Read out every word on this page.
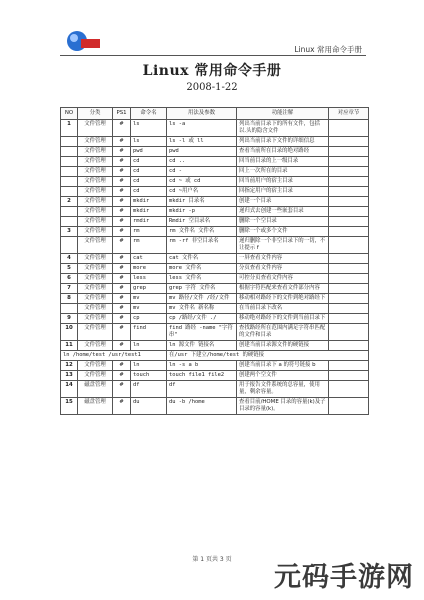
Linux 常用命令手册
Linux 常用命令手册
2008-1-22
NO	分类	PS1	命令名	用法及参数	功能注解	对应章节
1	文件管理	#	ls	ls -a	列出当前目录下的所有文件，包括以.头的隐含文件	
	文件管理	#	ls	ls -l 或 ll	列出当前目录下文件的详细信息	
	文件管理	#	pwd	pwd	查看当前所在目录的绝对路经	
	文件管理	#	cd	cd ..	回当前目录的上一级目录	
	文件管理	#	cd	cd -	回上一次所在的目录	
	文件管理	#	cd	cd ~ 或 cd	回当前用户的宿主目录	
	文件管理	#	cd	cd ~用户名	回指定用户的宿主目录	
2	文件管理	#	mkdir	mkdir 目录名	创建一个目录	
	文件管理	#	mkdir	mkdir -p	递归式去创建一些嵌套目录	
	文件管理	#	rmdir	Rmdir 空目录名	删除一个空目录	
3	文件管理	#	rm	rm 文件名 文件名	删除一个或多个文件	
	文件管理	#	rm	rm -rf 非空目录名	递归删除一个非空目录下的一切，不让提示 f	
4	文件管理	#	cat	cat 文件名	一屏查看文件内容	
5	文件管理	#	more	more 文件名	分页查看文件内容	
6	文件管理	#	less	less 文件名	可控分页查看文件内容	
7	文件管理	#	grep	grep 字符 文件名	根据字符匹配来查看文件部分内容	
8	文件管理	#	mv	mv 路径/文件 /经/文件	移动相对路经下的文件到绝对路经下	
	文件管理	#	mv	mv 文件名 新名称	在当前目录下改名	
9	文件管理	#	cp	cp /路经/文件 ./	移动绝对路经下的文件到当前目录下	
10	文件管理	#	find	find 路经 -name "字符串"	查找路经所在范围内满足字符串匹配的文件和目录	
11	文件管理	#	ln	ln 源文件 链接名	创建当前目录源文件的硬链接	
ln /home/test /usr/test1				在/usr 下建立/home/test 的硬链接		
12	文件管理	#	ln	ln -s a b	创建当前目录下 a 的符号链接 b	
13	文件管理	#	touch	touch file1 file2	创建两个空文件	
14	磁盘管理	#	df	df	用于报告文件系统的总容量，使用量，剩余容量。	
15	磁盘管理	#	du	du -b /home	查看目前/HOME 目录的容量(k)及子目录的容量(k)。	
第 1 页共 3 页
元码手游网
